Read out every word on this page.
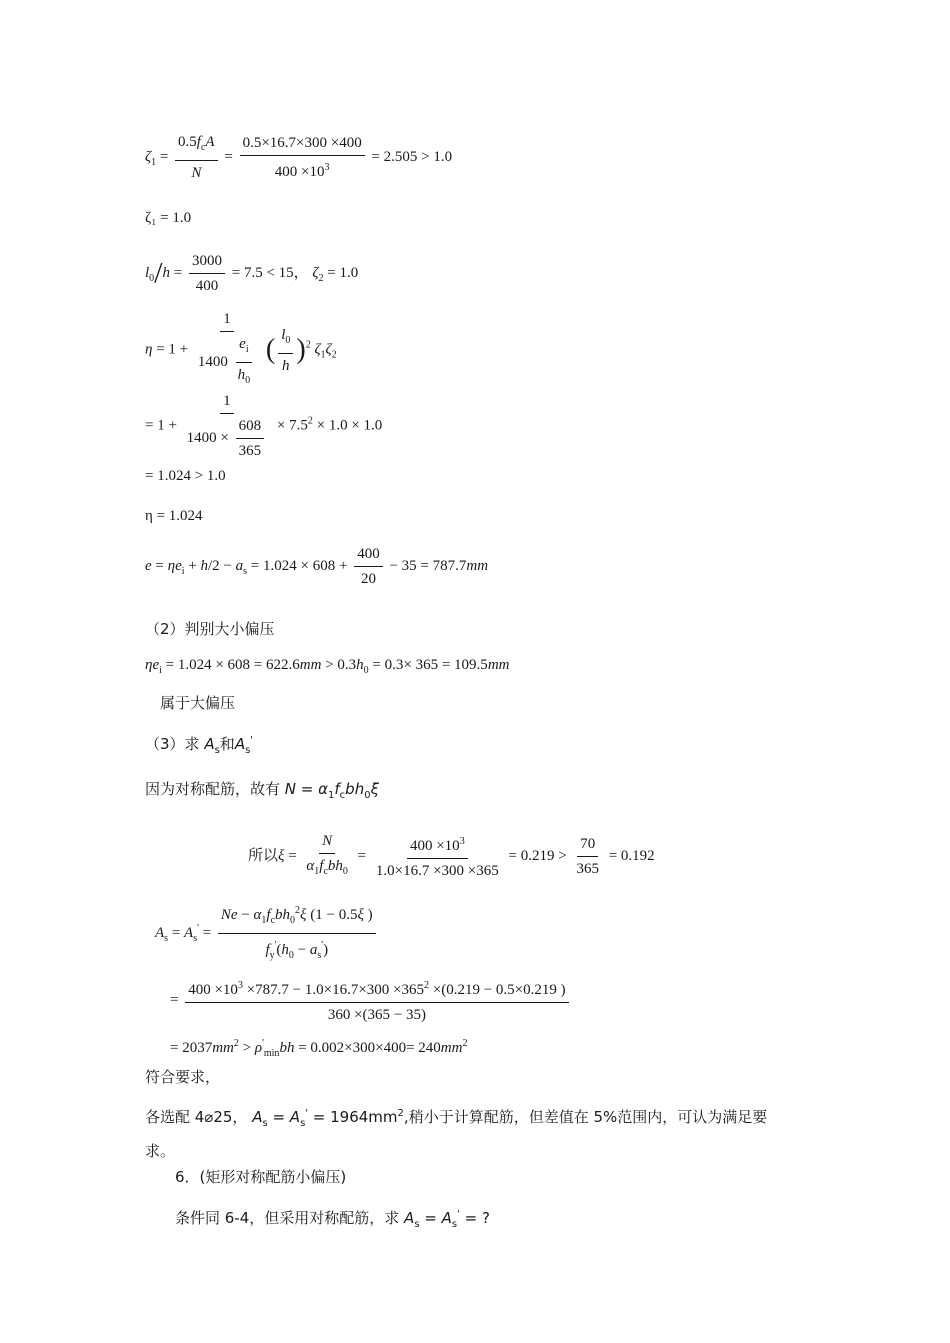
$\zeta_1 = \frac{0.5f_cA}{N} = \frac{0.5\times 16.7\times 300 \times 400}{400 \times 10^3} = 2.505 > 1.0$
ζ₁ = 1.0
$l_0/h = \frac{3000}{400} = 7.5 < 15$， $\zeta_2 = 1.0$
$\eta = 1 + \frac{1}{1400 \frac{e_i}{h_0}}$ ( $\frac{l_0}{h} )^2$ $\zeta_1\zeta_2$
= $1 + \frac{1}{1400 \times \frac{608}{365}} \times 7.5^2 \times 1.0 \times 1.0$
= 1.024 > 1.0
η = 1.024
$e = \eta e_i + h/2 - a_s = 1.024 \times 608 + \frac{400}{20} - 35 = 787.7mm$
（2）判别大小偏压
$\eta e_i = 1.024 \times 608 = 622.6mm > 0.3h_0 = 0.3\times 365 = 109.5mm$
属于大偏压
（3）求 $A_s$和$A_s'$
因为对称配筋，故有 $N = \alpha_1f_cbh_0\xi$
所以$\xi = \frac{N}{\alpha_1f_cbh_0} = \frac{400 \times 10^3}{1.0\times 16.7 \times 300 \times 365} = 0.219 > \frac{70}{365} = 0.192$
$A_s = A_s' = \frac{Ne - \alpha_1f_cbh_0^2\xi (1 - 0.5\xi )}{f_y'(h_0 - a_s')}$
= $\frac{400 \times 10^3 \times 787.7 - 1.0\times 16.7\times 300 \times 365^2 \times(0.219 - 0.5\times 0.219 )}{360 \times(365 - 35)}$
= $2037mm^2 > \rho'_{min}bh = 0.002\times 300\times 400= 240mm^2$
符合要求，
各选配 4⌀25， $A_s = A_s' = 1964mm^2$,稍小于计算配筋，但差值在 5%范围内，可认为满足要
求。
6．(矩形对称配筋小偏压)
条件同 6-4，但采用对称配筋，求 $A_s = A_s'$ = ?
